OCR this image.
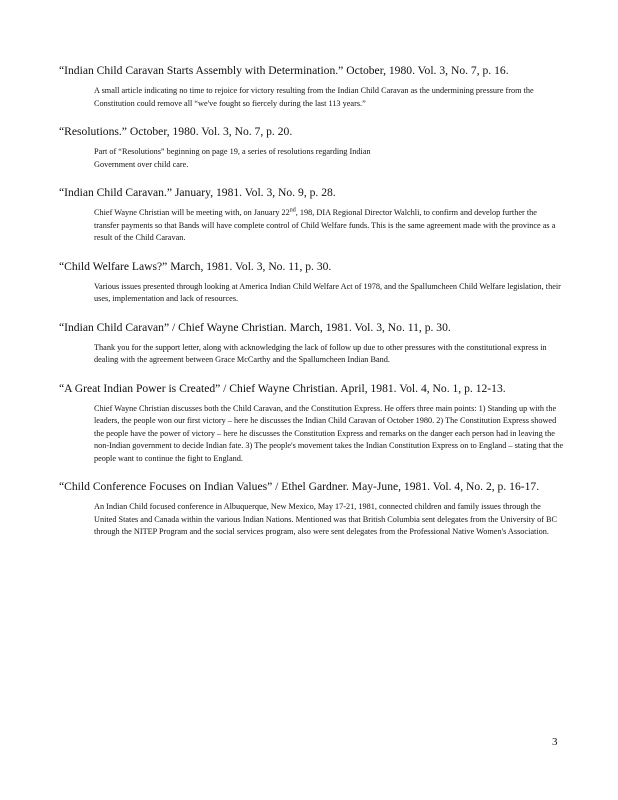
“Indian Child Caravan Starts Assembly with Determination.” October, 1980. Vol. 3, No. 7, p. 16.

A small article indicating no time to rejoice for victory resulting from the Indian Child Caravan as the undermining pressure from the Constitution could remove all “we've fought so fiercely during the last 113 years.”

“Resolutions.” October, 1980. Vol. 3, No. 7, p. 20.

Part of “Resolutions” beginning on page 19, a series of resolutions regarding Indian Government over child care.

“Indian Child Caravan.” January, 1981. Vol. 3, No. 9, p. 28.

Chief Wayne Christian will be meeting with, on January 22nd, 198, DIA Regional Director Walchli, to confirm and develop further the transfer payments so that Bands will have complete control of Child Welfare funds. This is the same agreement made with the province as a result of the Child Caravan.

“Child Welfare Laws?” March, 1981. Vol. 3, No. 11, p. 30.

Various issues presented through looking at America Indian Child Welfare Act of 1978, and the Spallumcheen Child Welfare legislation, their uses, implementation and lack of resources.

“Indian Child Caravan” / Chief Wayne Christian. March, 1981. Vol. 3, No. 11, p. 30.

Thank you for the support letter, along with acknowledging the lack of follow up due to other pressures with the constitutional express in dealing with the agreement between Grace McCarthy and the Spallumcheen Indian Band.

“A Great Indian Power is Created” / Chief Wayne Christian. April, 1981. Vol. 4, No. 1, p. 12-13.

Chief Wayne Christian discusses both the Child Caravan, and the Constitution Express. He offers three main points: 1) Standing up with the leaders, the people won our first victory – here he discusses the Indian Child Caravan of October 1980. 2) The Constitution Express showed the people have the power of victory – here he discusses the Constitution Express and remarks on the danger each person had in leaving the non-Indian government to decide Indian fate. 3) The people's movement takes the Indian Constitution Express on to England – stating that the people want to continue the fight to England.

“Child Conference Focuses on Indian Values” / Ethel Gardner. May-June, 1981. Vol. 4, No. 2, p. 16-17.

An Indian Child focused conference in Albuquerque, New Mexico, May 17-21, 1981, connected children and family issues through the United States and Canada within the various Indian Nations. Mentioned was that British Columbia sent delegates from the University of BC through the NITEP Program and the social services program, also were sent delegates from the Professional Native Women's Association.

3
